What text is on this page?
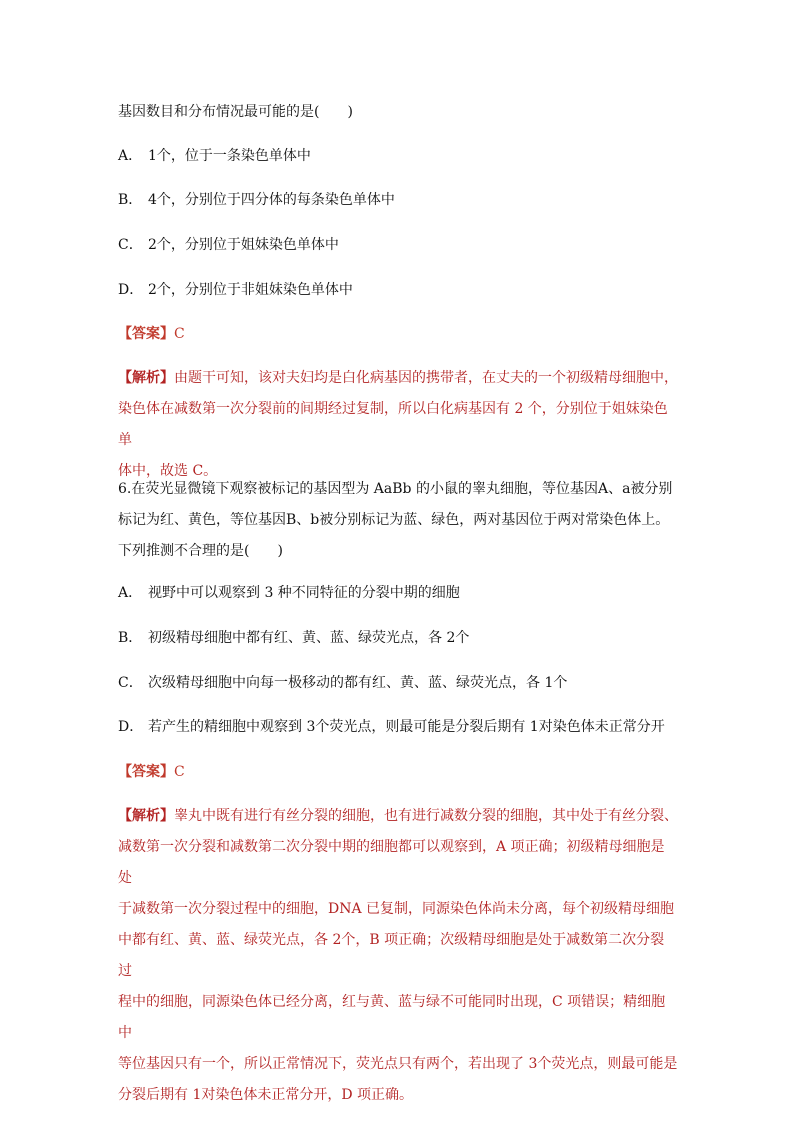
基因数目和分布情况最可能的是(　　)
A． 1个，位于一条染色单体中
B． 4个，分别位于四分体的每条染色单体中
C． 2个，分别位于姐妹染色单体中
D． 2个，分别位于非姐妹染色单体中
【答案】C
【解析】由题干可知，该对夫妇均是白化病基因的携带者，在丈夫的一个初级精母细胞中，
染色体在减数第一次分裂前的间期经过复制，所以白化病基因有 2 个，分别位于姐妹染色单
体中，故选 C。
6.在荧光显微镜下观察被标记的基因型为 AaBb 的小鼠的睾丸细胞，等位基因A、a被分别
标记为红、黄色，等位基因B、b被分别标记为蓝、绿色，两对基因位于两对常染色体上。
下列推测不合理的是(　　)
A． 视野中可以观察到 3 种不同特征的分裂中期的细胞
B． 初级精母细胞中都有红、黄、蓝、绿荧光点，各 2个
C． 次级精母细胞中向每一极移动的都有红、黄、蓝、绿荧光点，各 1个
D． 若产生的精细胞中观察到 3个荧光点，则最可能是分裂后期有 1对染色体未正常分开
【答案】C
【解析】睾丸中既有进行有丝分裂的细胞，也有进行减数分裂的细胞，其中处于有丝分裂、
减数第一次分裂和减数第二次分裂中期的细胞都可以观察到，A 项正确；初级精母细胞是处
于减数第一次分裂过程中的细胞，DNA 已复制，同源染色体尚未分离，每个初级精母细胞
中都有红、黄、蓝、绿荧光点，各 2个，B 项正确；次级精母细胞是处于减数第二次分裂过
程中的细胞，同源染色体已经分离，红与黄、蓝与绿不可能同时出现，C 项错误；精细胞中
等位基因只有一个，所以正常情况下，荧光点只有两个，若出现了 3个荧光点，则最可能是
分裂后期有 1对染色体未正常分开，D 项正确。
